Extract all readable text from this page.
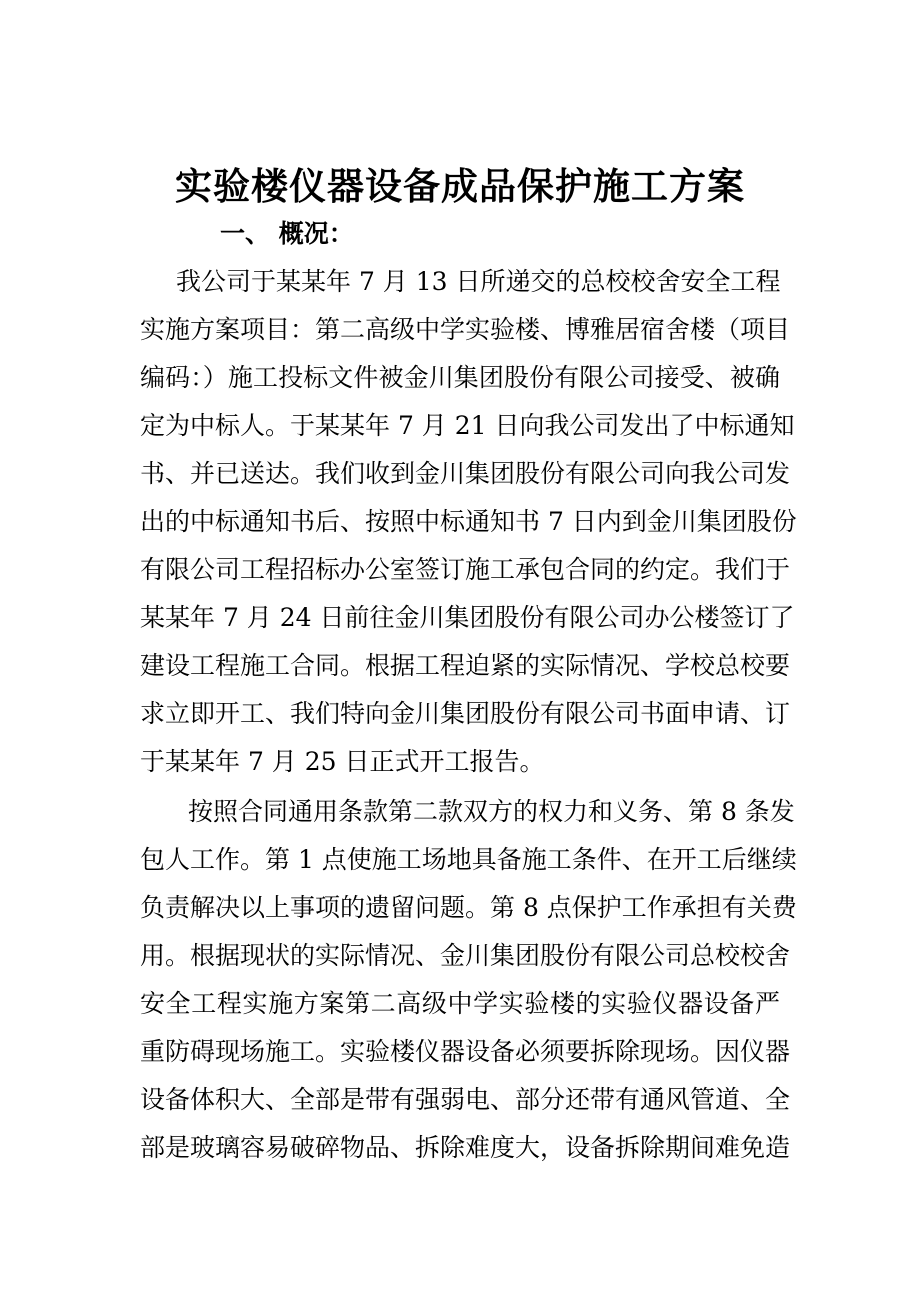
实验楼仪器设备成品保护施工方案
一、 概况：
我公司于某某年 7 月 13 日所递交的总校校舍安全工程
实施方案项目：第二高级中学实验楼、博雅居宿舍楼（项目
编码：）施工投标文件被金川集团股份有限公司接受、被确
定为中标人。于某某年 7 月 21 日向我公司发出了中标通知
书、并已送达。我们收到金川集团股份有限公司向我公司发
出的中标通知书后、按照中标通知书 7 日内到金川集团股份
有限公司工程招标办公室签订施工承包合同的约定。我们于
某某年 7 月 24 日前往金川集团股份有限公司办公楼签订了
建设工程施工合同。根据工程迫紧的实际情况、学校总校要
求立即开工、我们特向金川集团股份有限公司书面申请、订
于某某年 7 月 25 日正式开工报告。
按照合同通用条款第二款双方的权力和义务、第 8 条发
包人工作。第 1 点使施工场地具备施工条件、在开工后继续
负责解决以上事项的遗留问题。第 8 点保护工作承担有关费
用。根据现状的实际情况、金川集团股份有限公司总校校舍
安全工程实施方案第二高级中学实验楼的实验仪器设备严
重防碍现场施工。实验楼仪器设备必须要拆除现场。因仪器
设备体积大、全部是带有强弱电、部分还带有通风管道、全
部是玻璃容易破碎物品、拆除难度大，设备拆除期间难免造
